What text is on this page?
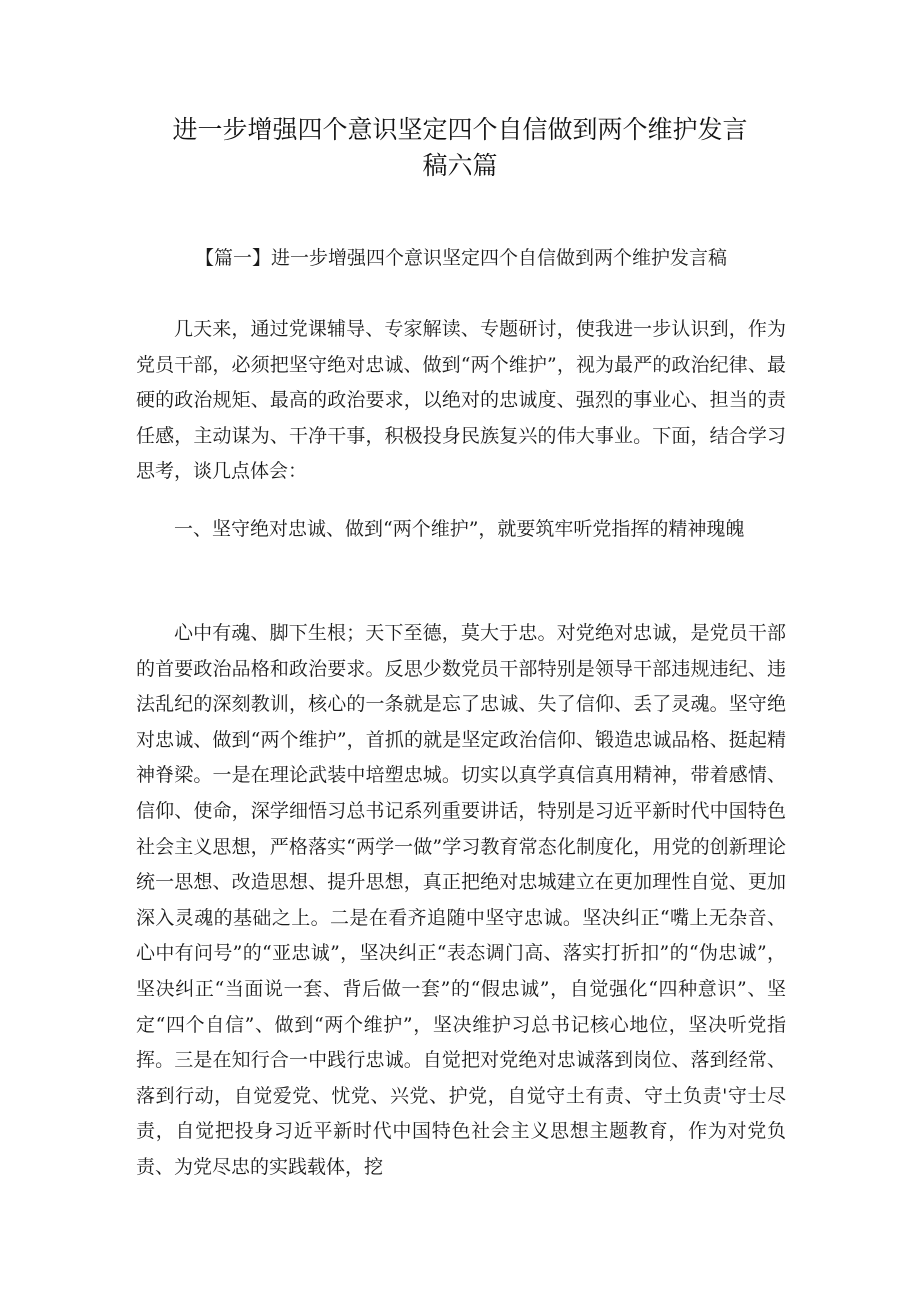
进一步增强四个意识坚定四个自信做到两个维护发言
稿六篇

【篇一】进一步增强四个意识坚定四个自信做到两个维护发言稿

几天来，通过党课辅导、专家解读、专题研讨，使我进一步认识到，作为党员干部，必须把坚守绝对忠诚、做到“两个维护”，视为最严的政治纪律、最硬的政治规矩、最高的政治要求，以绝对的忠诚度、强烈的事业心、担当的责任感，主动谋为、干净干事，积极投身民族复兴的伟大事业。下面，结合学习思考，谈几点体会：

一、坚守绝对忠诚、做到“两个维护”，就要筑牢听党指挥的精神瑰魄

心中有魂、脚下生根；天下至德，莫大于忠。对党绝对忠诚，是党员干部的首要政治品格和政治要求。反思少数党员干部特别是领导干部违规违纪、违法乱纪的深刻教训，核心的一条就是忘了忠诚、失了信仰、丢了灵魂。坚守绝对忠诚、做到“两个维护”，首抓的就是坚定政治信仰、锻造忠诚品格、挺起精神脊梁。一是在理论武装中培塑忠城。切实以真学真信真用精神，带着感情、信仰、使命，深学细悟习总书记系列重要讲话，特别是习近平新时代中国特色社会主义思想，严格落实“两学一做”学习教育常态化制度化，用党的创新理论统一思想、改造思想、提升思想，真正把绝对忠城建立在更加理性自觉、更加深入灵魂的基础之上。二是在看齐追随中坚守忠诚。坚决纠正“嘴上无杂音、心中有问号”的“亚忠诚”，坚决纠正“表态调门高、落实打折扣”的“伪忠诚”，坚决纠正“当面说一套、背后做一套”的“假忠诚”，自觉强化“四种意识”、坚定“四个自信”、做到“两个维护”，坚决维护习总书记核心地位，坚决听党指挥。三是在知行合一中践行忠诚。自觉把对党绝对忠诚落到岗位、落到经常、落到行动，自觉爱党、忧党、兴党、护党，自觉守土有责、守土负责'守士尽责，自觉把投身习近平新时代中国特色社会主义思想主题教育，作为对党负责、为党尽忠的实践载体，挖
